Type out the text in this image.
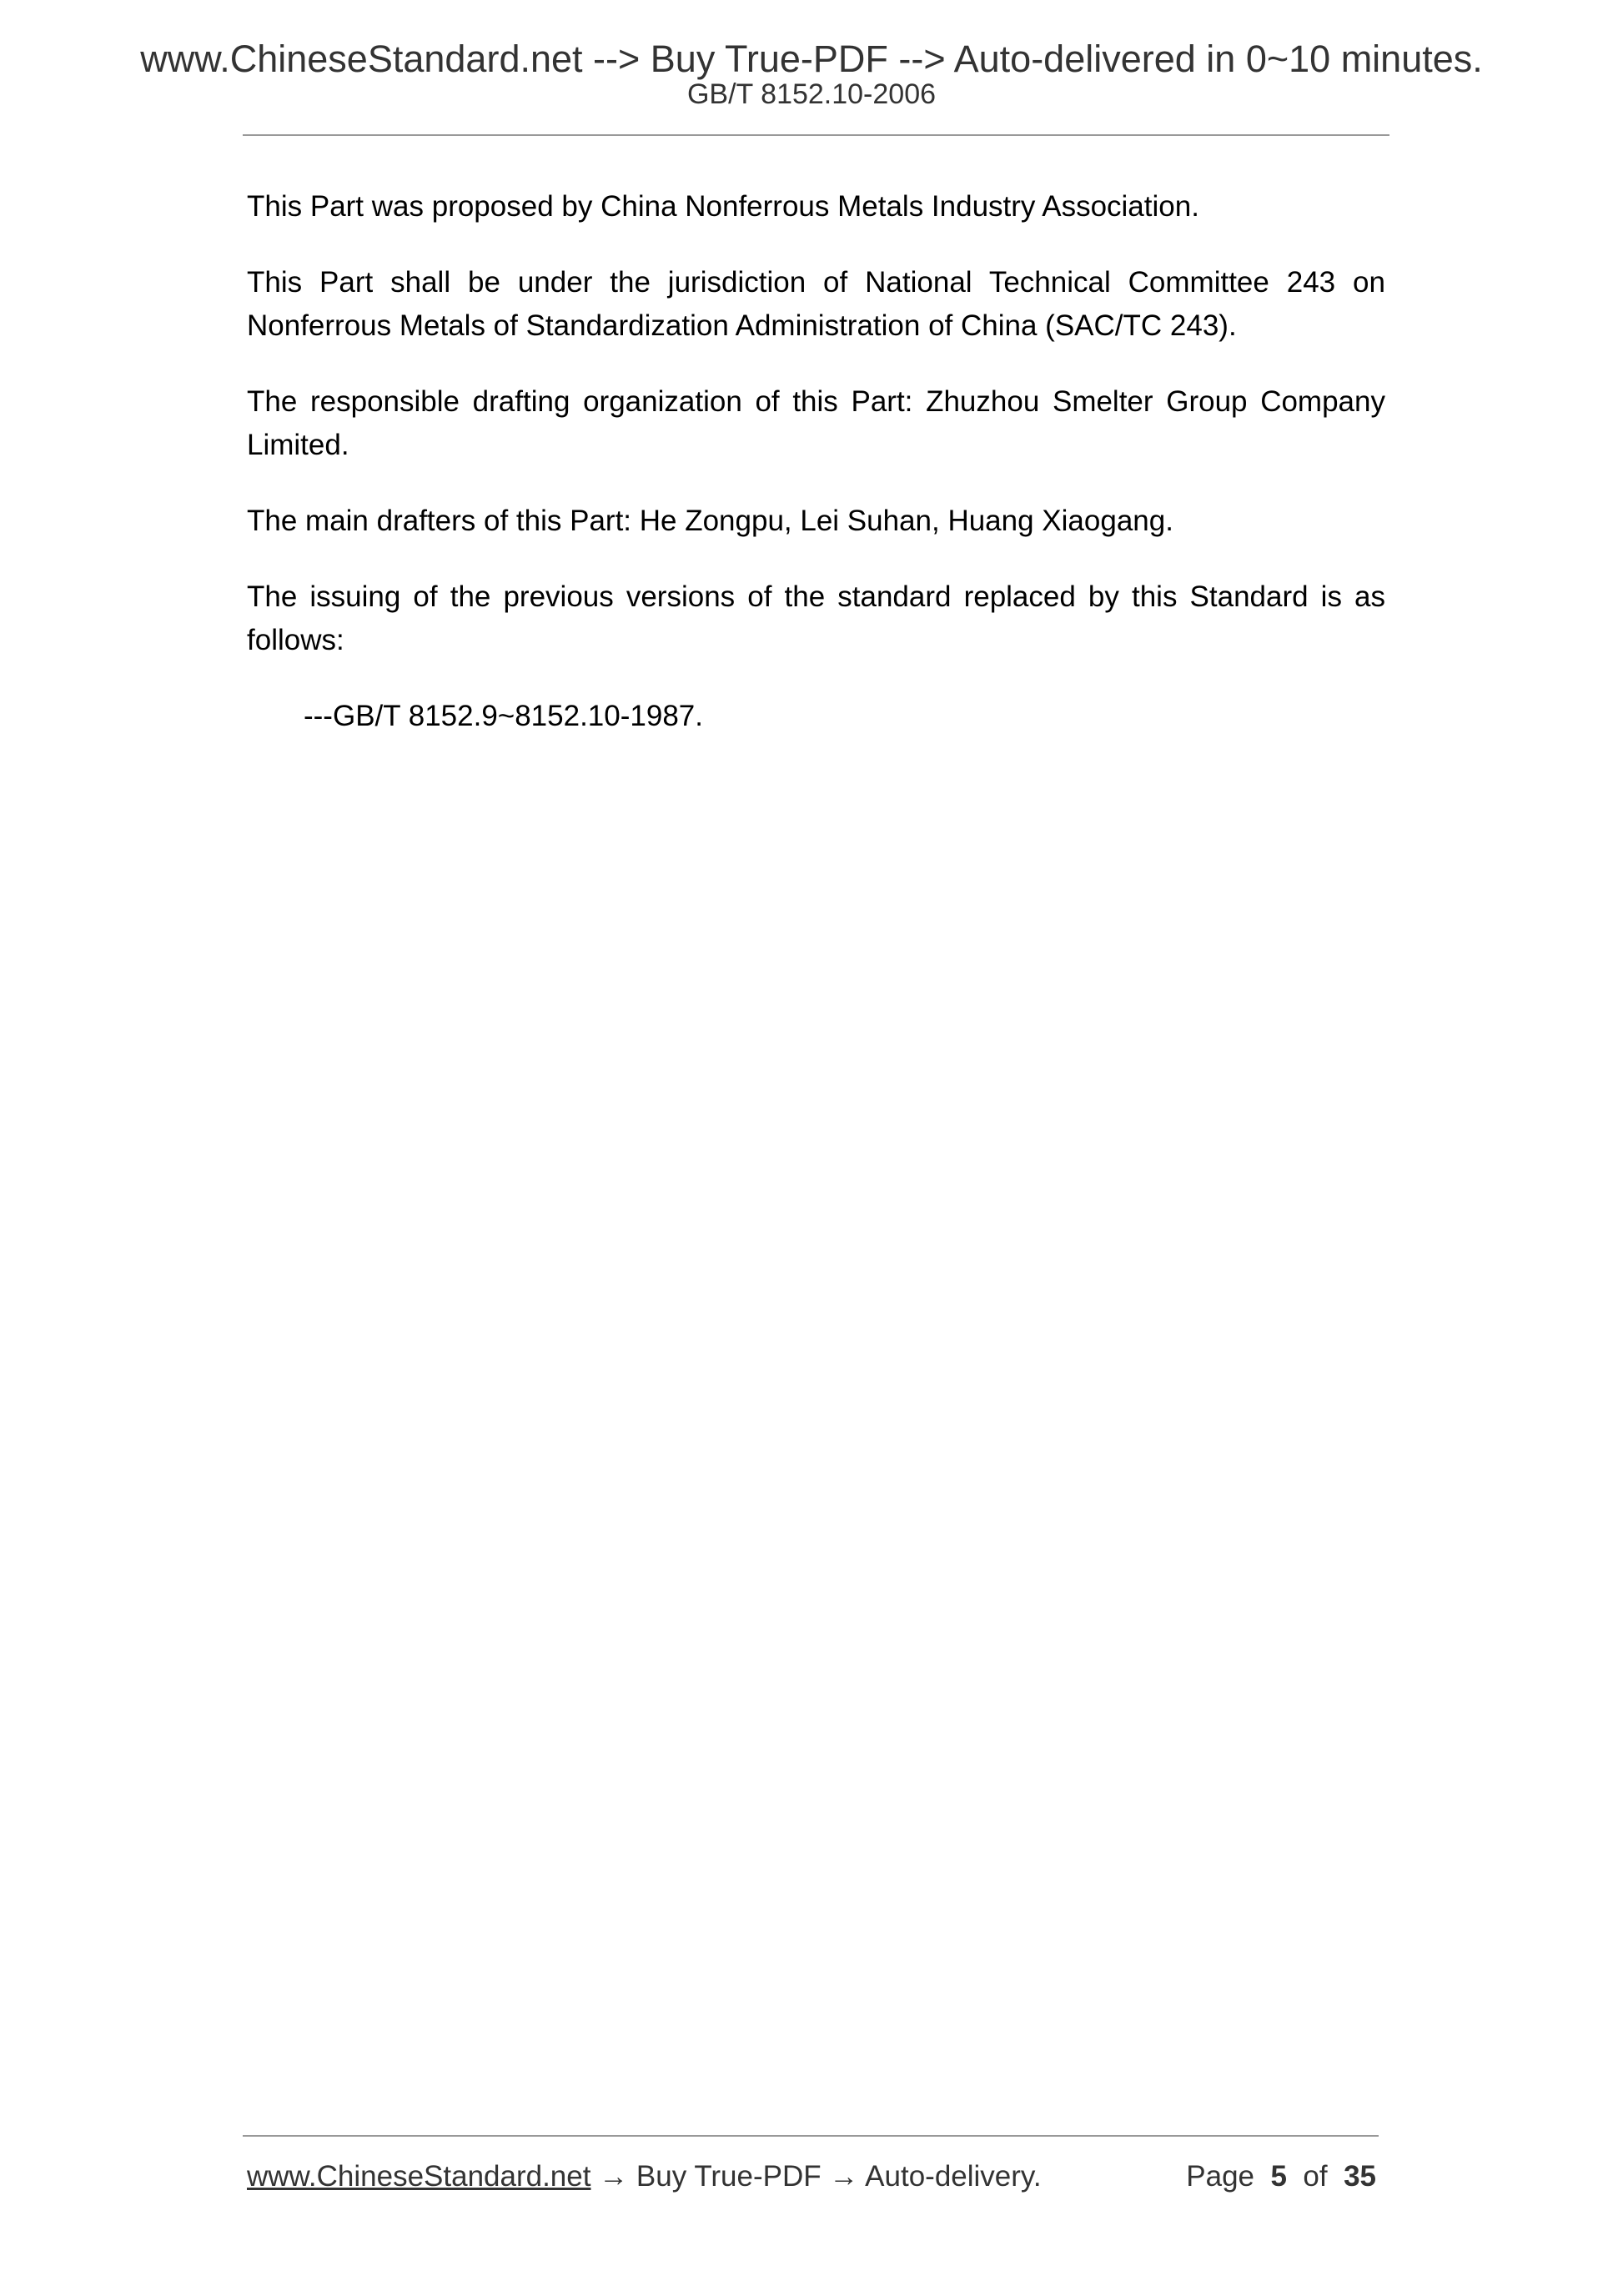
www.ChineseStandard.net --> Buy True-PDF --> Auto-delivered in 0~10 minutes.
GB/T 8152.10-2006

This Part was proposed by China Nonferrous Metals Industry Association.

This Part shall be under the jurisdiction of National Technical Committee 243 on Nonferrous Metals of Standardization Administration of China (SAC/TC 243).

The responsible drafting organization of this Part: Zhuzhou Smelter Group Company Limited.

The main drafters of this Part: He Zongpu, Lei Suhan, Huang Xiaogang.

The issuing of the previous versions of the standard replaced by this Standard is as follows:

---GB/T 8152.9~8152.10-1987.

www.ChineseStandard.net → Buy True-PDF → Auto-delivery.	Page 5 of 35
